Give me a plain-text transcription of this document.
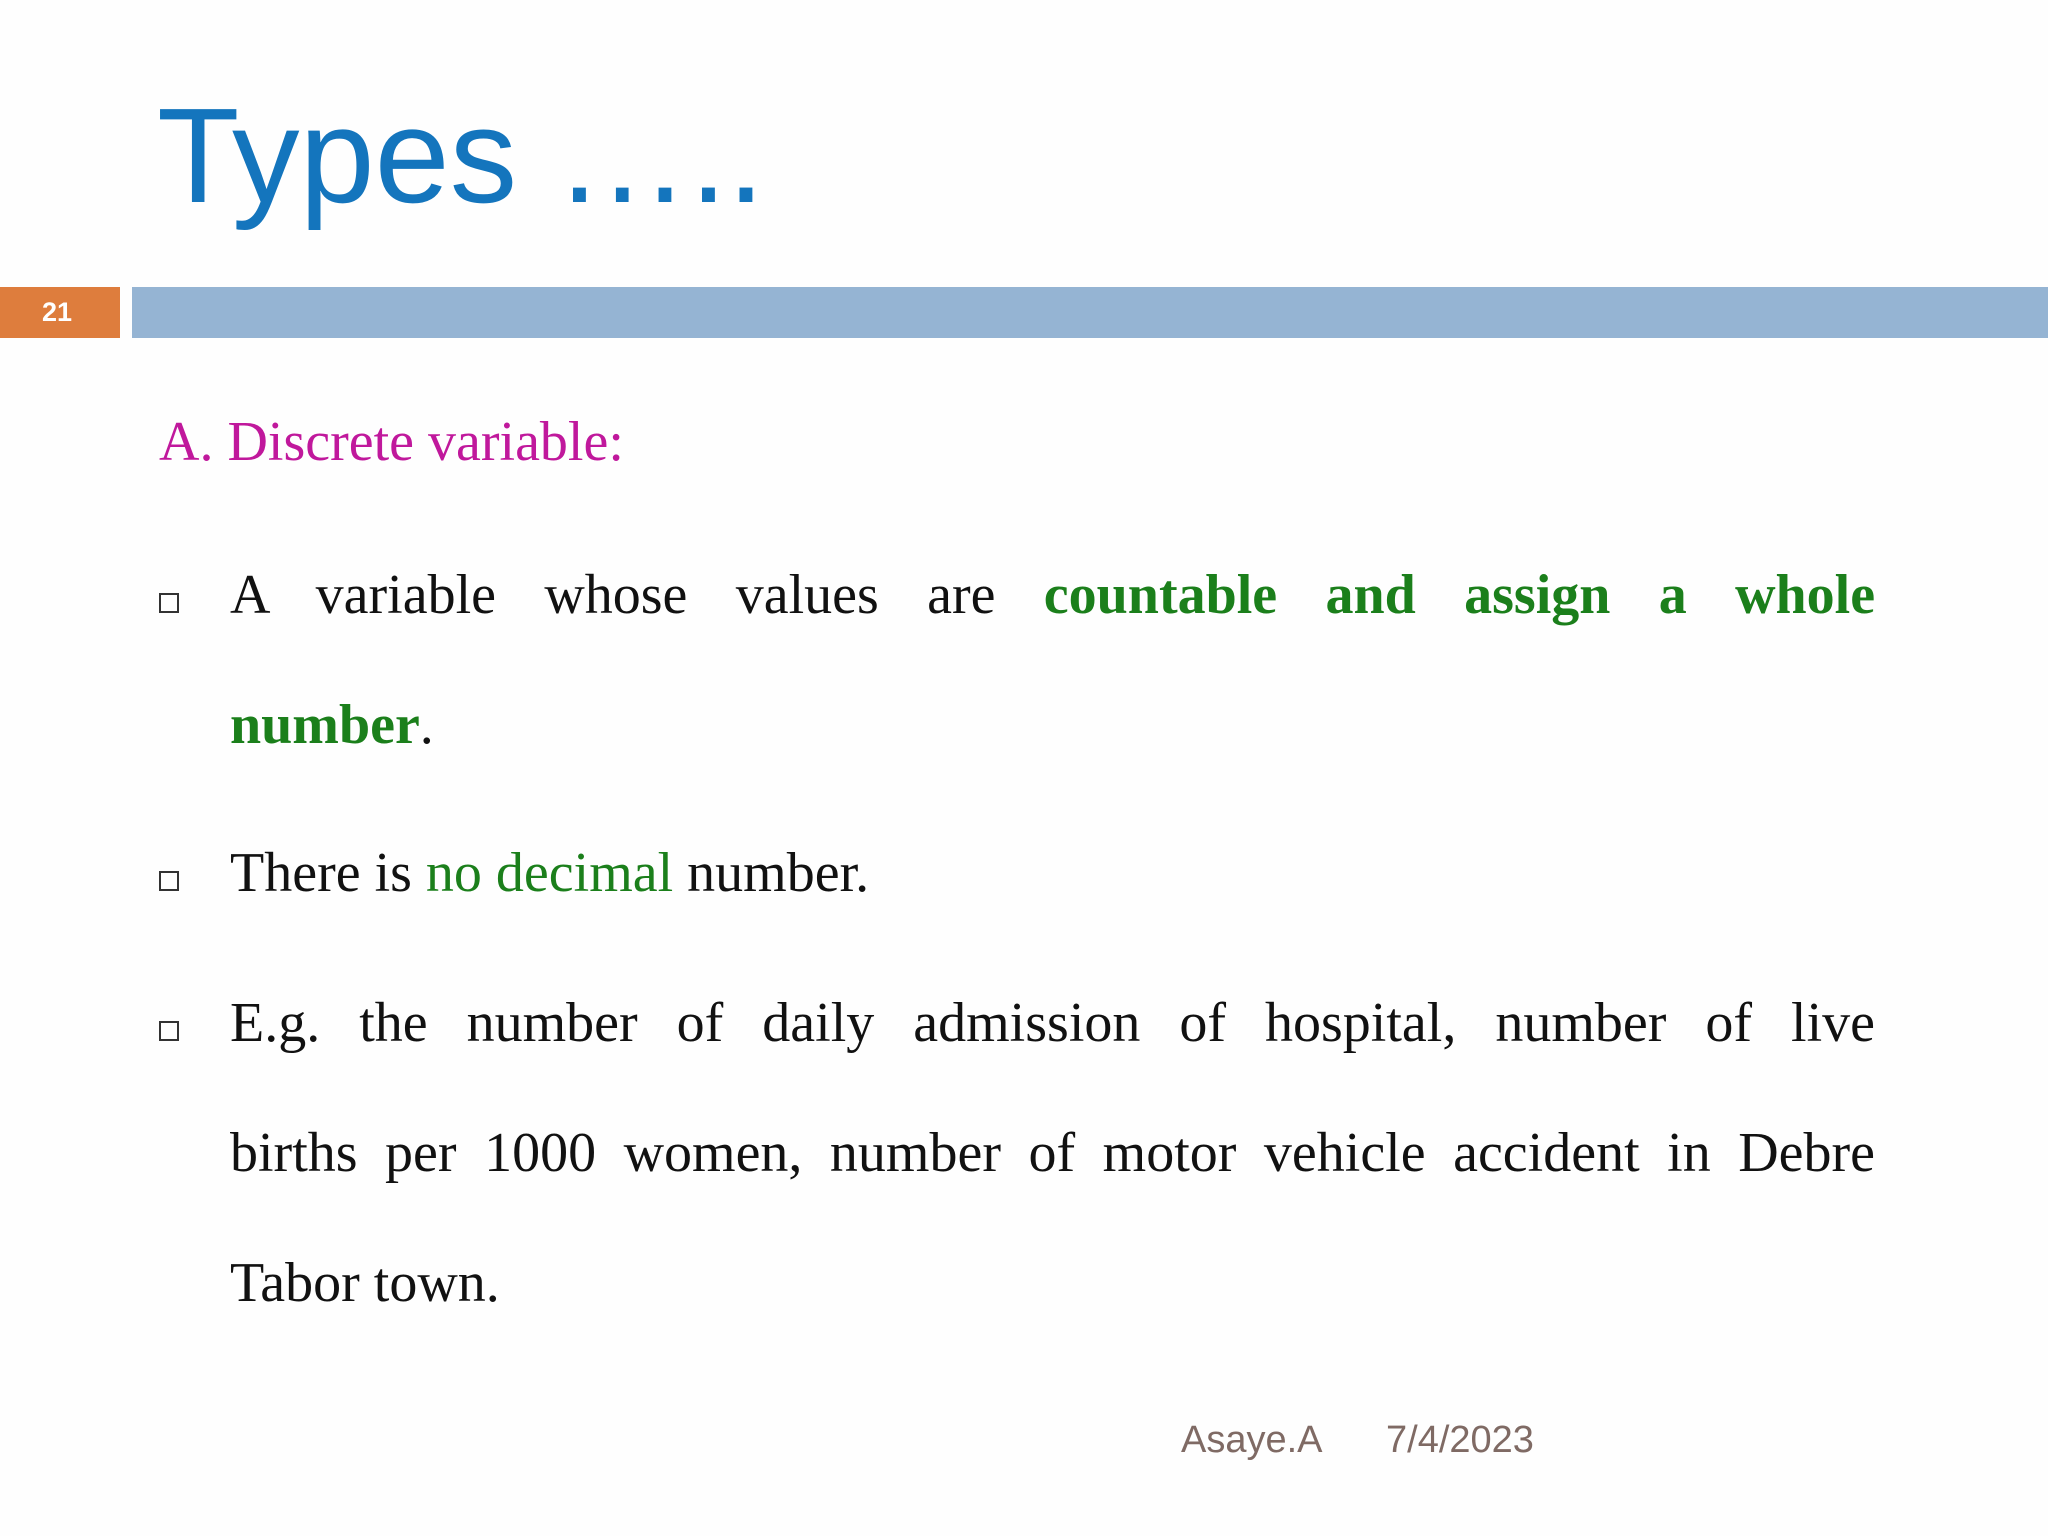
Types …..
21
A. Discrete variable:
A variable whose values are countable and assign a whole
number.
There is no decimal number.
E.g. the number of daily admission of hospital, number of live
births per 1000 women, number of motor vehicle accident in Debre
Tabor town.
Asaye.A 7/4/2023
